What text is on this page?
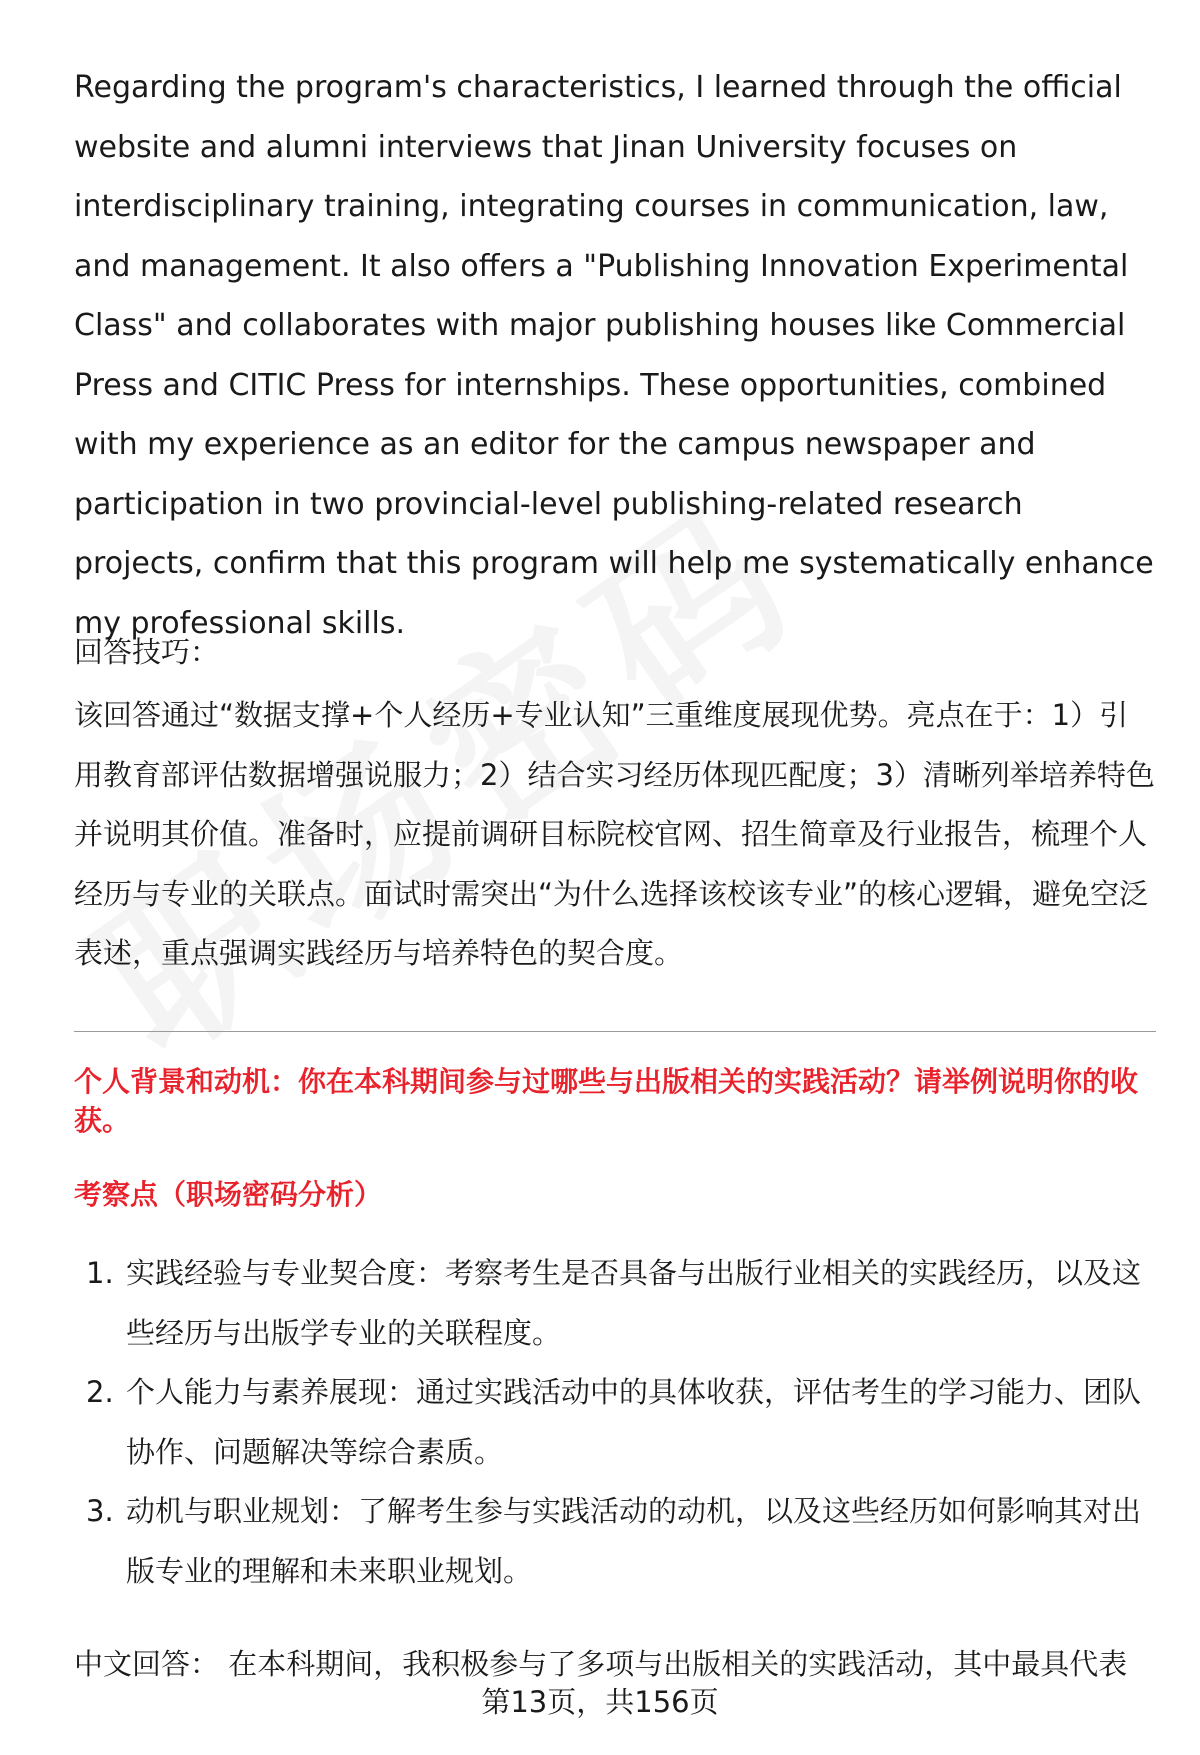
Regarding the program's characteristics, I learned through the official website and alumni interviews that Jinan University focuses on interdisciplinary training, integrating courses in communication, law, and management. It also offers a "Publishing Innovation Experimental Class" and collaborates with major publishing houses like Commercial Press and CITIC Press for internships. These opportunities, combined with my experience as an editor for the campus newspaper and participation in two provincial-level publishing-related research projects, confirm that this program will help me systematically enhance my professional skills.

回答技巧：

该回答通过“数据支撑+个人经历+专业认知”三重维度展现优势。亮点在于：1）引用教育部评估数据增强说服力；2）结合实习经历体现匹配度；3）清晰列举培养特色并说明其价值。准备时，应提前调研目标院校官网、招生简章及行业报告，梳理个人经历与专业的关联点。面试时需突出“为什么选择该校该专业”的核心逻辑，避免空泛表述，重点强调实践经历与培养特色的契合度。

个人背景和动机：你在本科期间参与过哪些与出版相关的实践活动？请举例说明你的收获。

考察点（职场密码分析）

1. 实践经验与专业契合度：考察考生是否具备与出版行业相关的实践经历，以及这些经历与出版学专业的关联程度。
2. 个人能力与素养展现：通过实践活动中的具体收获，评估考生的学习能力、团队协作、问题解决等综合素质。
3. 动机与职业规划：了解考生参与实践活动的动机，以及这些经历如何影响其对出版专业的理解和未来职业规划。

中文回答： 在本科期间，我积极参与了多项与出版相关的实践活动，其中最具代表

第13页，共156页
